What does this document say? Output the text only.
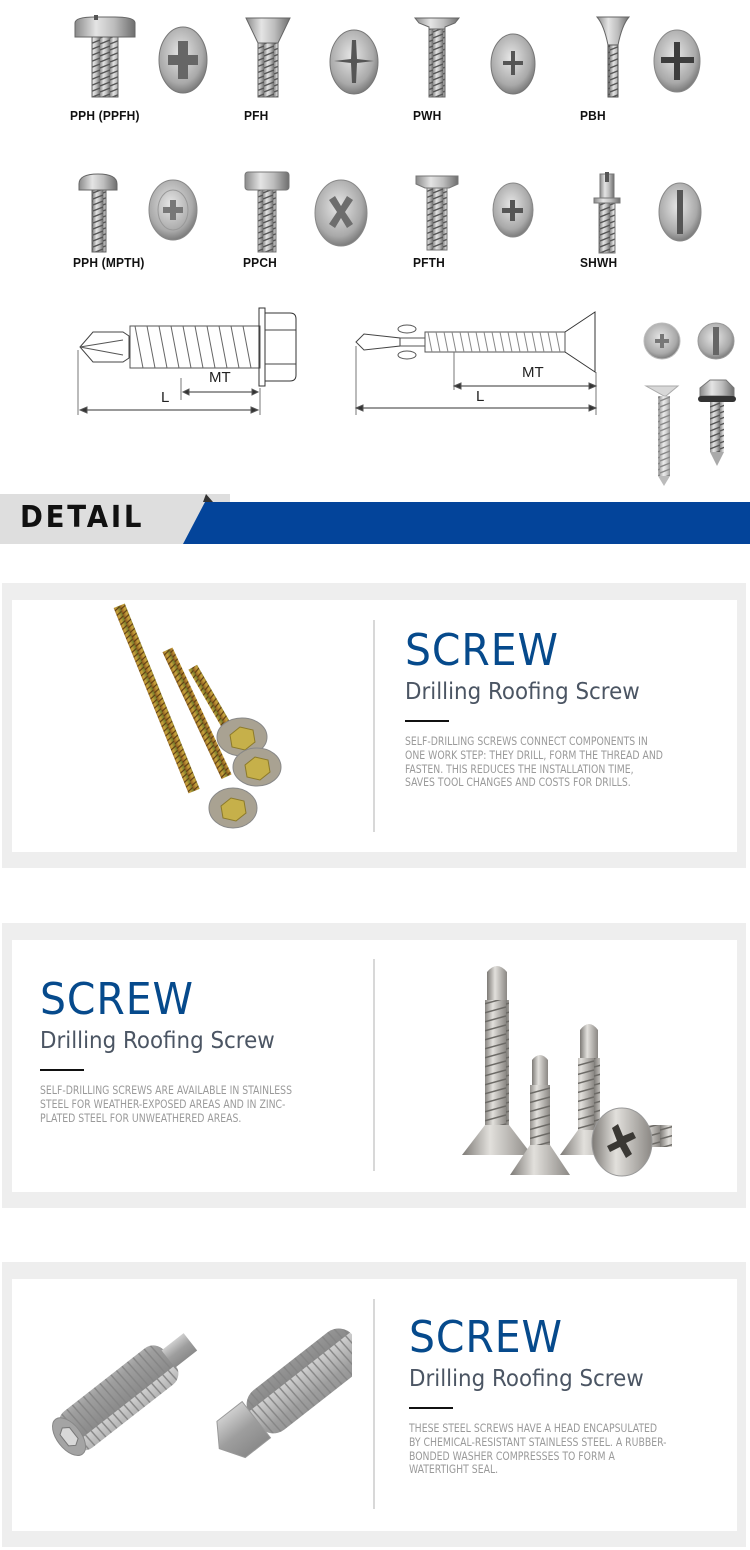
PPH (PPFH)	PFH	PWH	PBH
PPH (MPTH)	PPCH	PFTH	SHWH
MT
L
MT
L
DETAIL
SCREW
Drilling Roofing Screw
SELF-DRILLING SCREWS CONNECT COMPONENTS IN ONE WORK STEP: THEY DRILL, FORM THE THREAD AND FASTEN. THIS REDUCES THE INSTALLATION TIME, SAVES TOOL CHANGES AND COSTS FOR DRILLS.
SCREW
Drilling Roofing Screw
SELF-DRILLING SCREWS ARE AVAILABLE IN STAINLESS STEEL FOR WEATHER-EXPOSED AREAS AND IN ZINC-PLATED STEEL FOR UNWEATHERED AREAS.
SCREW
Drilling Roofing Screw
THESE STEEL SCREWS HAVE A HEAD ENCAPSULATED BY CHEMICAL-RESISTANT STAINLESS STEEL. A RUBBER-BONDED WASHER COMPRESSES TO FORM A WATERTIGHT SEAL.
